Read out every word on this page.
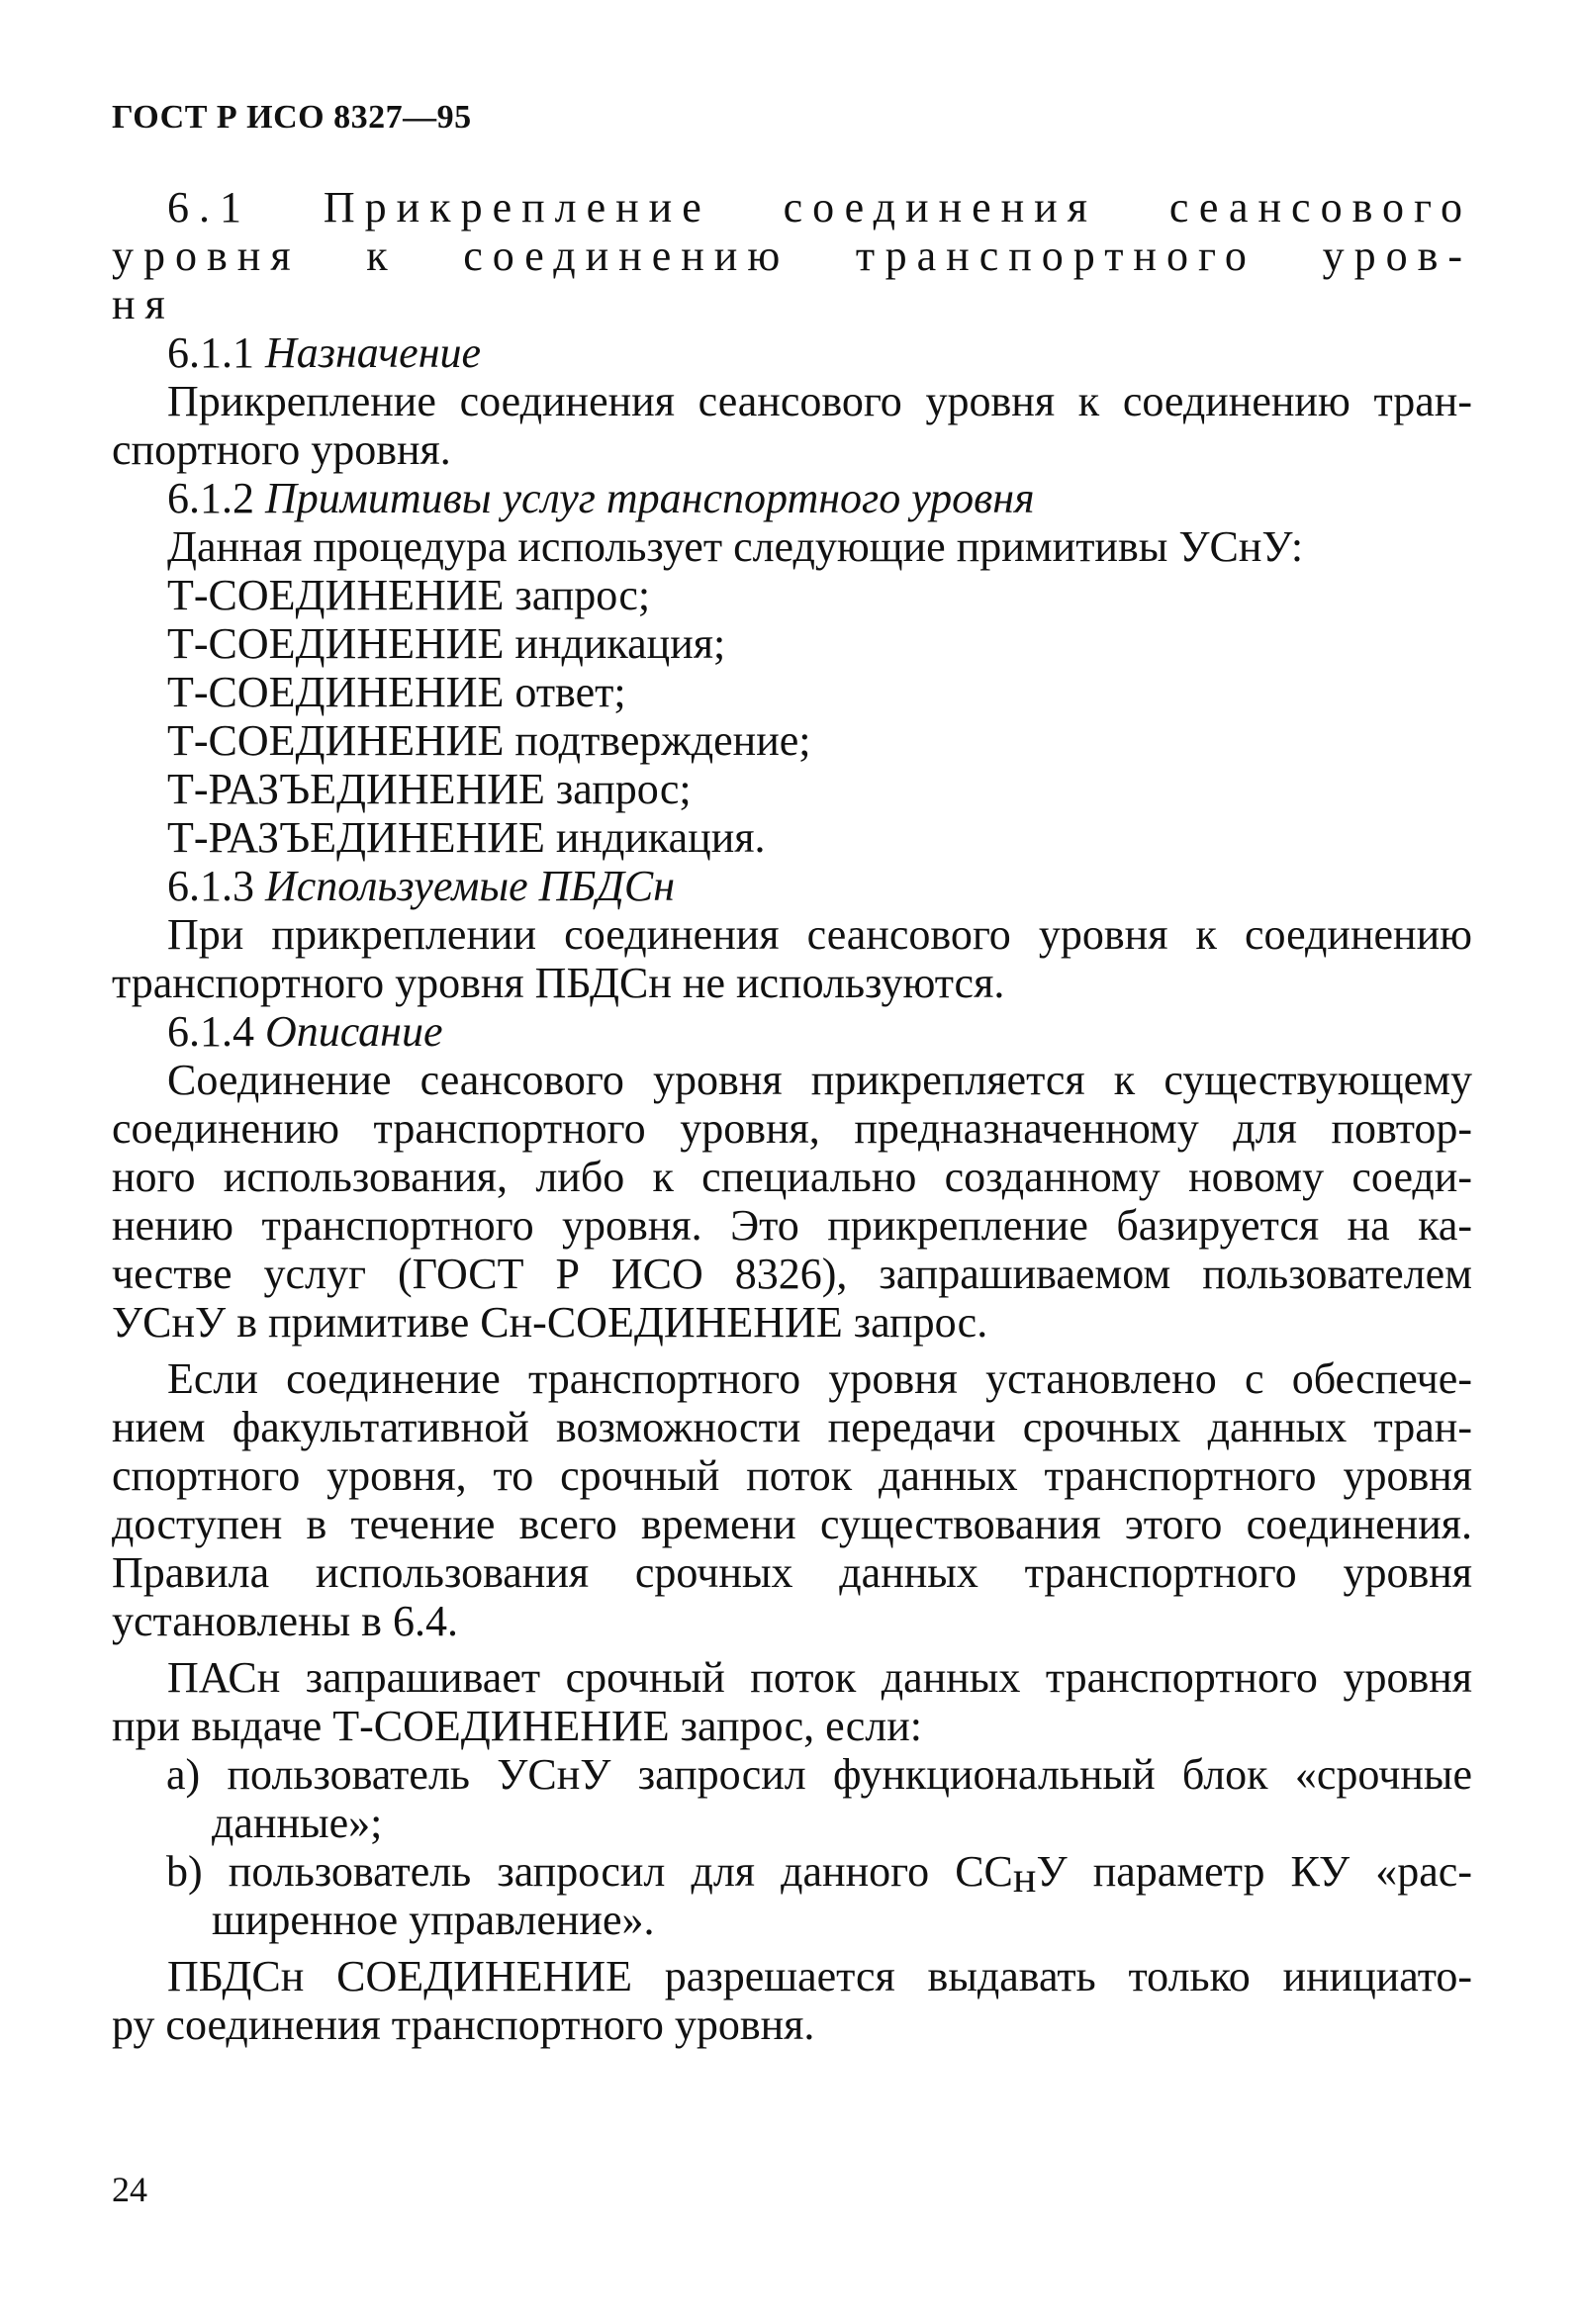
ГОСТ Р ИСО 8327—95
6.1 Прикрепление соединения сеансового
уровня к соединению транспортного уров-
ня
6.1.1 Назначение
Прикрепление соединения сеансового уровня к соединению тран-
спортного уровня.
6.1.2 Примитивы услуг транспортного уровня
Данная процедура использует следующие примитивы УСнУ:
Т-СОЕДИНЕНИЕ запрос;
Т-СОЕДИНЕНИЕ индикация;
Т-СОЕДИНЕНИЕ ответ;
Т-СОЕДИНЕНИЕ подтверждение;
Т-РАЗЪЕДИНЕНИЕ запрос;
Т-РАЗЪЕДИНЕНИЕ индикация.
6.1.3 Используемые ПБДСн
При прикреплении соединения сеансового уровня к соединению
транспортного уровня ПБДСн не используются.
6.1.4 Описание
Соединение сеансового уровня прикрепляется к существующему
соединению транспортного уровня, предназначенному для повтор-
ного использования, либо к специально созданному новому соеди-
нению транспортного уровня. Это прикрепление базируется на ка-
честве услуг (ГОСТ Р ИСО 8326), запрашиваемом пользователем
УСнУ в примитиве Сн-СОЕДИНЕНИЕ запрос.
Если соединение транспортного уровня установлено с обеспече-
нием факультативной возможности передачи срочных данных тран-
спортного уровня, то срочный поток данных транспортного уровня
доступен в течение всего времени существования этого соединения.
Правила использования срочных данных транспортного уровня
установлены в 6.4.
ПАСн запрашивает срочный поток данных транспортного уровня
при выдаче Т-СОЕДИНЕНИЕ запрос, если:
а) пользователь УСнУ запросил функциональный блок «срочные
данные»;
b) пользователь запросил для данного ССнУ параметр КУ «рас-
ширенное управление».
ПБДСн СОЕДИНЕНИЕ разрешается выдавать только инициато-
ру соединения транспортного уровня.
24
